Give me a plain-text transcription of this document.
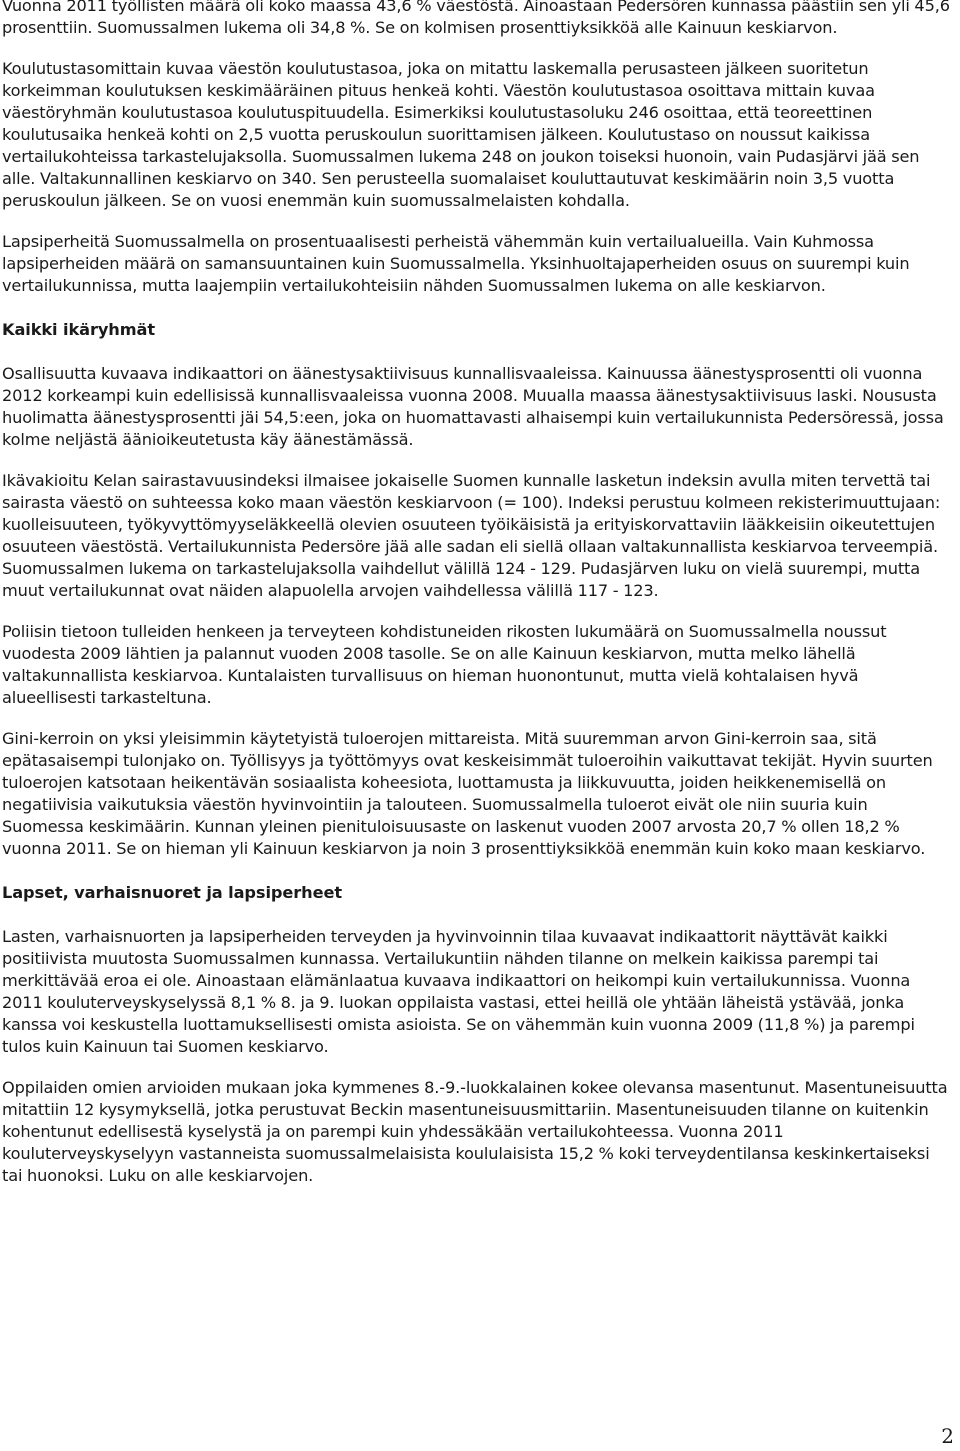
Vuonna 2011 työllisten määrä oli koko maassa 43,6 % väestöstä. Ainoastaan Pedersören kunnassa päästiin sen yli 45,6 prosenttiin. Suomussalmen lukema oli 34,8 %. Se on kolmisen prosenttiyksikköä alle Kainuun keskiarvon.

Koulutustasomittain kuvaa väestön koulutustasoa, joka on mitattu laskemalla perusasteen jälkeen suoritetun korkeimman koulutuksen keskimääräinen pituus henkeä kohti. Väestön koulutustasoa osoittava mittain kuvaa väestöryhmän koulutustasoa koulutuspituudella. Esimerkiksi koulutustasoluku 246 osoittaa, että teoreettinen koulutusaika henkeä kohti on 2,5 vuotta peruskoulun suorittamisen jälkeen. Koulutustaso on noussut kaikissa vertailukohteissa tarkastelujaksolla. Suomussalmen lukema 248 on joukon toiseksi huonoin, vain Pudasjärvi jää sen alle. Valtakunnallinen keskiarvo on 340. Sen perusteella suomalaiset kouluttautuvat keskimäärin noin 3,5 vuotta peruskoulun jälkeen. Se on vuosi enemmän kuin suomussalmelaisten kohdalla.

Lapsiperheitä Suomussalmella on prosentuaalisesti perheistä vähemmän kuin vertailualueilla. Vain Kuhmossa lapsiperheiden määrä on samansuuntainen kuin Suomussalmella. Yksinhuoltajaperheiden osuus on suurempi kuin vertailukunnissa, mutta laajempiin vertailukohteisiin nähden Suomussalmen lukema on alle keskiarvon.

Kaikki ikäryhmät

Osallisuutta kuvaava indikaattori on äänestysaktiivisuus kunnallisvaaleissa. Kainuussa äänestysprosentti oli vuonna 2012 korkeampi kuin edellisissä kunnallisvaaleissa vuonna 2008. Muualla maassa äänestysaktiivisuus laski. Noususta huolimatta äänestysprosentti jäi 54,5:een, joka on huomattavasti alhaisempi kuin vertailukunnista Pedersöressä, jossa kolme neljästä äänioikeutetusta käy äänestämässä.

Ikävakioitu Kelan sairastavuusindeksi ilmaisee jokaiselle Suomen kunnalle lasketun indeksin avulla miten tervettä tai sairasta väestö on suhteessa koko maan väestön keskiarvoon (= 100). Indeksi perustuu kolmeen rekisterimuuttujaan: kuolleisuuteen, työkyvyttömyyseläkkeellä olevien osuuteen työikäisistä ja erityiskorvattaviin lääkkeisiin oikeutettujen osuuteen väestöstä. Vertailukunnista Pedersöre jää alle sadan eli siellä ollaan valtakunnallista keskiarvoa terveempiä. Suomussalmen lukema on tarkastelujaksolla vaihdellut välillä 124 - 129. Pudasjärven luku on vielä suurempi, mutta muut vertailukunnat ovat näiden alapuolella arvojen vaihdellessa välillä 117 - 123.

Poliisin tietoon tulleiden henkeen ja terveyteen kohdistuneiden rikosten lukumäärä on Suomussalmella noussut vuodesta 2009 lähtien ja palannut vuoden 2008 tasolle. Se on alle Kainuun keskiarvon, mutta melko lähellä valtakunnallista keskiarvoa. Kuntalaisten turvallisuus on hieman huonontunut, mutta vielä kohtalaisen hyvä alueellisesti tarkasteltuna.

Gini-kerroin on yksi yleisimmin käytetyistä tuloerojen mittareista. Mitä suuremman arvon Gini-kerroin saa, sitä epätasaisempi tulonjako on. Työllisyys ja työttömyys ovat keskeisimmät tuloeroihin vaikuttavat tekijät. Hyvin suurten tuloerojen katsotaan heikentävän sosiaalista koheesiota, luottamusta ja liikkuvuutta, joiden heikkenemisellä on negatiivisia vaikutuksia väestön hyvinvointiin ja talouteen. Suomussalmella tuloerot eivät ole niin suuria kuin Suomessa keskimäärin. Kunnan yleinen pienituloisuusaste on laskenut vuoden 2007 arvosta 20,7 % ollen 18,2 % vuonna 2011. Se on hieman yli Kainuun keskiarvon ja noin 3 prosenttiyksikköä enemmän kuin koko maan keskiarvo.

Lapset, varhaisnuoret ja lapsiperheet

Lasten, varhaisnuorten ja lapsiperheiden terveyden ja hyvinvoinnin tilaa kuvaavat indikaattorit näyttävät kaikki positiivista muutosta Suomussalmen kunnassa. Vertailukuntiin nähden tilanne on melkein kaikissa parempi tai merkittävää eroa ei ole. Ainoastaan elämänlaatua kuvaava indikaattori on heikompi kuin vertailukunnissa. Vuonna 2011 kouluterveyskyselyssä 8,1 % 8. ja 9. luokan oppilaista vastasi, ettei heillä ole yhtään läheistä ystävää, jonka kanssa voi keskustella luottamuksellisesti omista asioista. Se on vähemmän kuin vuonna 2009 (11,8 %) ja parempi tulos kuin Kainuun tai Suomen keskiarvo.

Oppilaiden omien arvioiden mukaan joka kymmenes 8.-9.-luokkalainen kokee olevansa masentunut. Masentuneisuutta mitattiin 12 kysymyksellä, jotka perustuvat Beckin masentuneisuusmittariin. Masentuneisuuden tilanne on kuitenkin kohentunut edellisestä kyselystä ja on parempi kuin yhdessäkään vertailukohteessa. Vuonna 2011 kouluterveyskyselyyn vastanneista suomussalmelaisista koululaisista 15,2 % koki terveydentilansa keskinkertaiseksi tai huonoksi. Luku on alle keskiarvojen.

2
